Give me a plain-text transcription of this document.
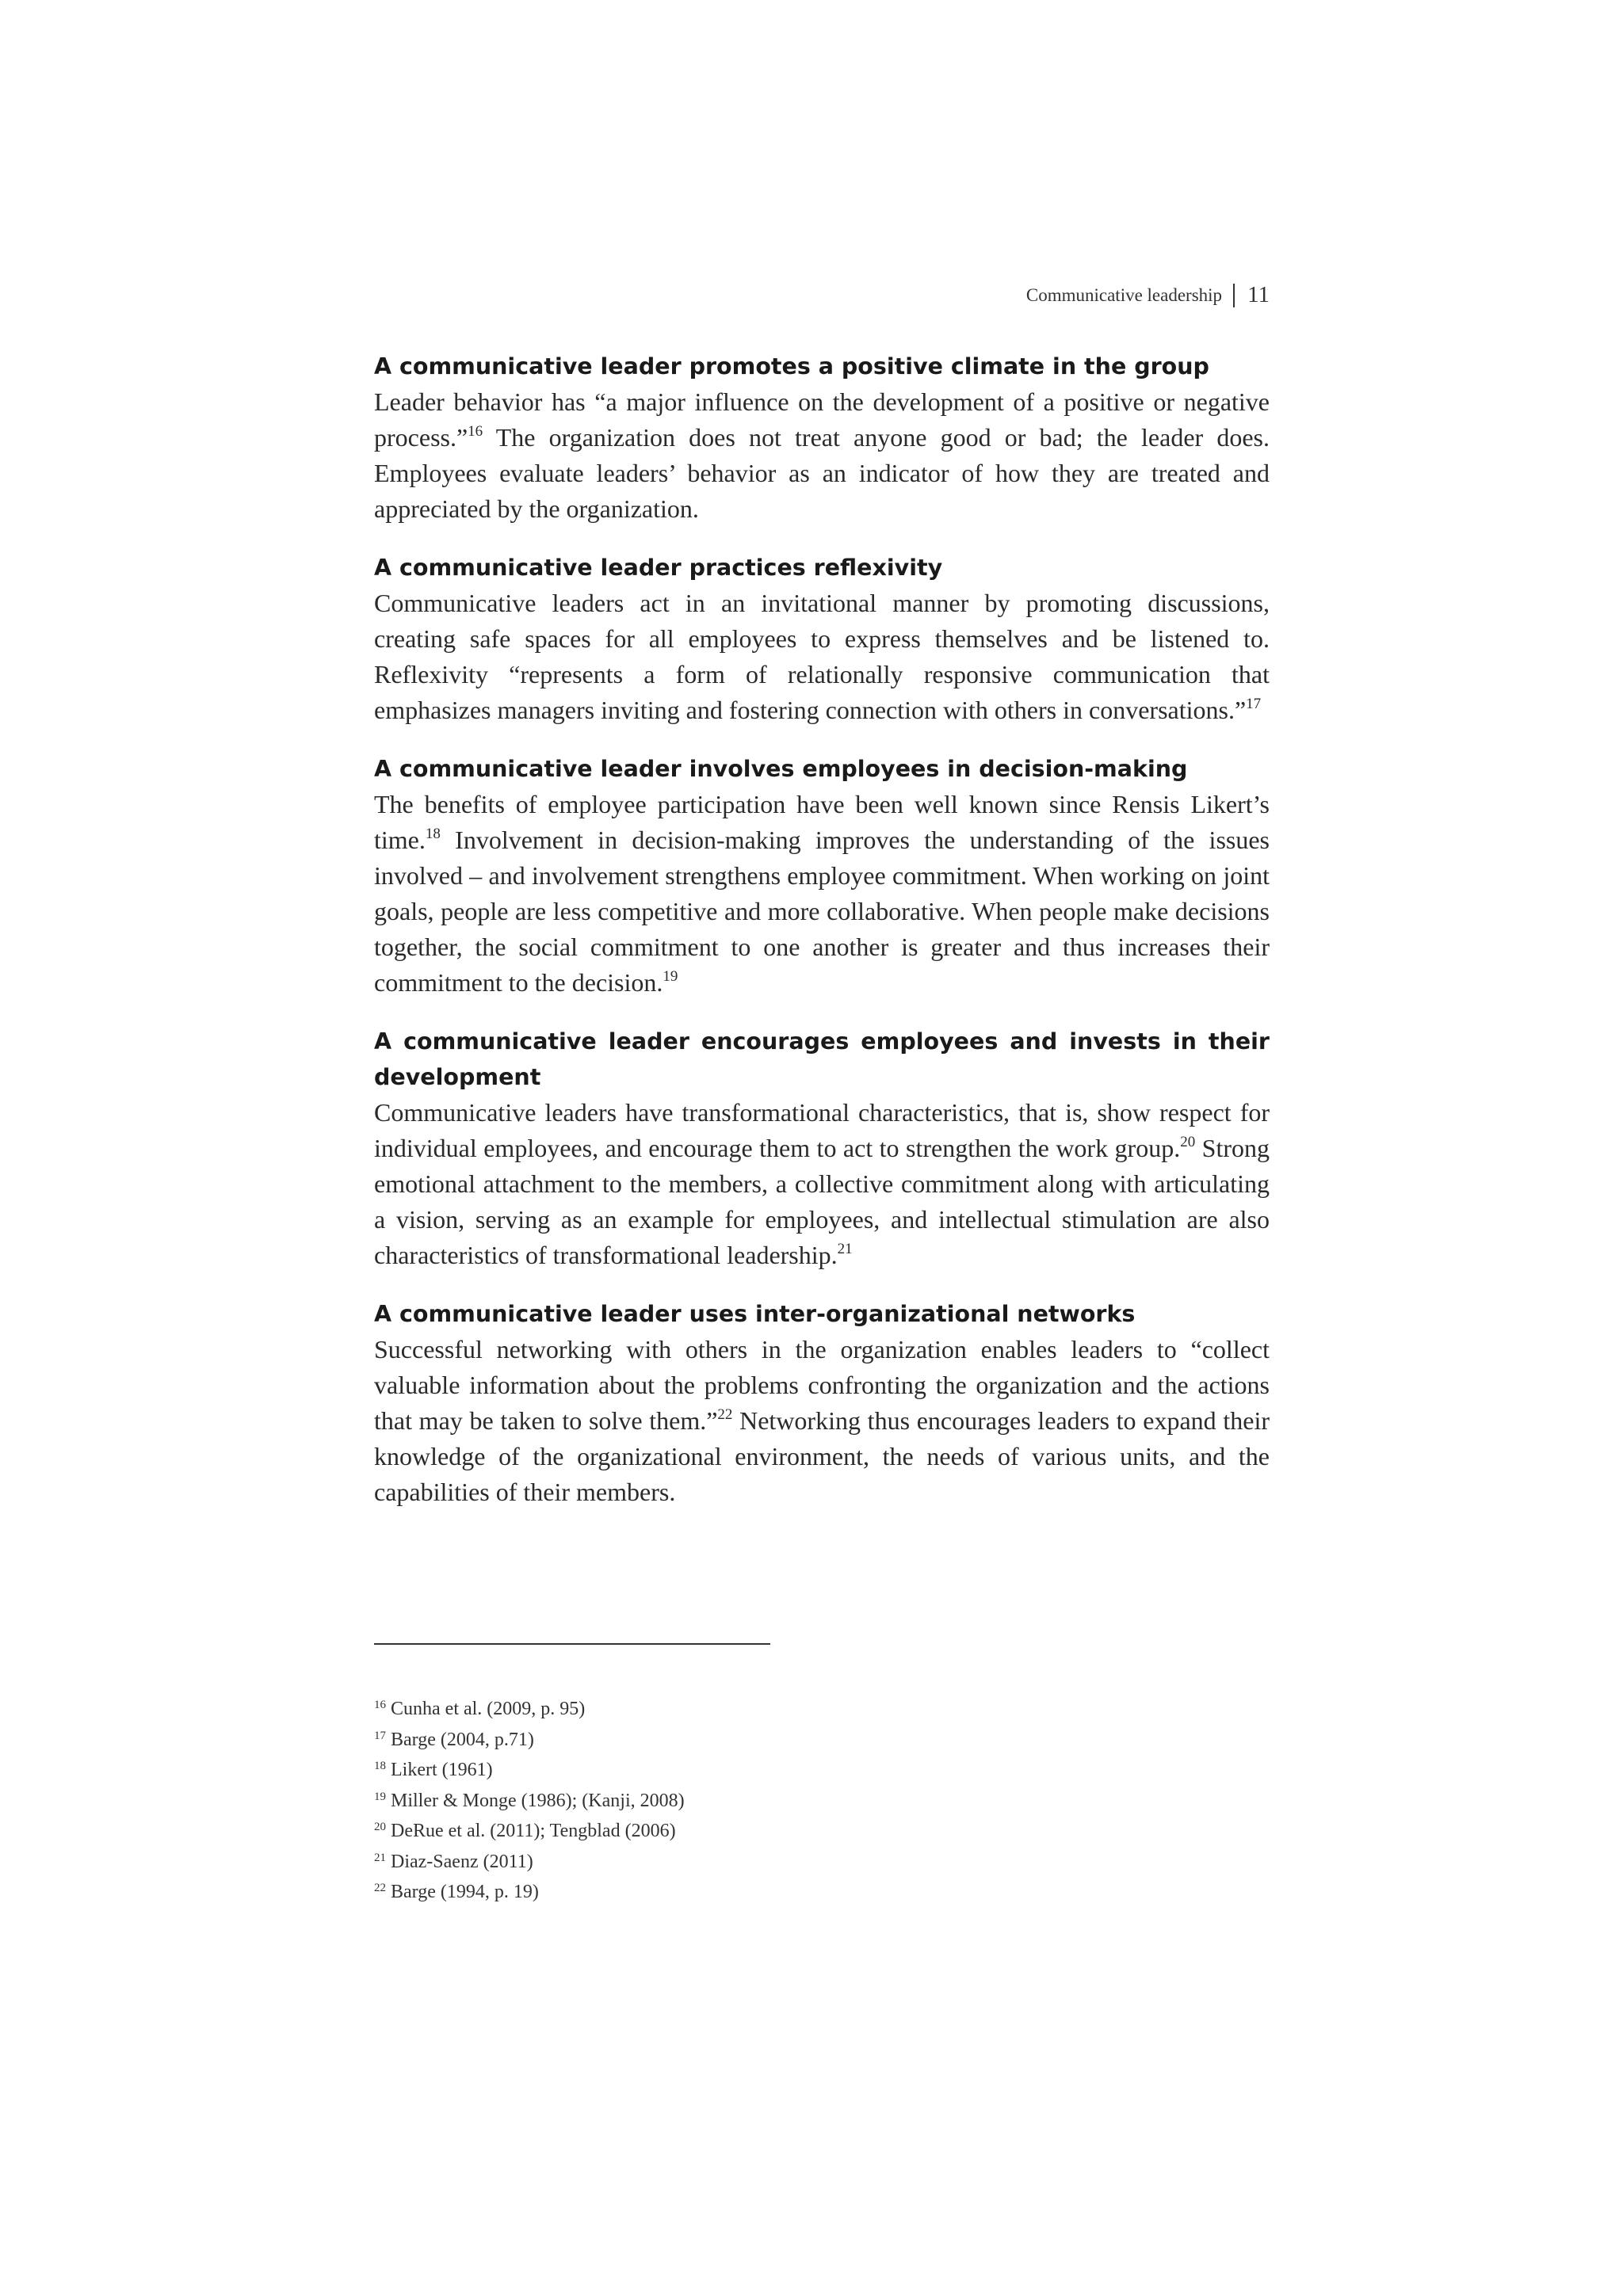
Communicative leadership 11
A communicative leader promotes a positive climate in the group

Leader behavior has “a major influence on the development of a positive or negative process.”$^{16}$ The organization does not treat anyone good or bad; the leader does. Employees evaluate leaders’ behavior as an indicator of how they are treated and appreciated by the organization.

A communicative leader practices reflexivity

Communicative leaders act in an invitational manner by promoting discussions, creating safe spaces for all employees to express themselves and be listened to. Reflexivity “represents a form of relationally responsive communication that emphasizes managers inviting and fostering connection with others in conversations.”$^{17}$

A communicative leader involves employees in decision-making

The benefits of employee participation have been well known since Rensis Likert’s time.$^{18}$ Involvement in decision-making improves the understanding of the issues involved – and involvement strengthens employee commitment. When working on joint goals, people are less competitive and more collaborative. When people make decisions together, the social commitment to one another is greater and thus increases their commitment to the decision.$^{19}$

A communicative leader encourages employees and invests in their development

Communicative leaders have transformational characteristics, that is, show respect for individual employees, and encourage them to act to strengthen the work group.$^{20}$ Strong emotional attachment to the members, a collective commitment along with articulating a vision, serving as an example for employees, and intellectual stimulation are also characteristics of transformational leadership.$^{21}$

A communicative leader uses inter-organizational networks

Successful networking with others in the organization enables leaders to “collect valuable information about the problems confronting the organization and the actions that may be taken to solve them.”$^{22}$ Networking thus encourages leaders to expand their knowledge of the organizational environment, the needs of various units, and the capabilities of their members.

$^{16}$ Cunha et al. (2009, p. 95)

$^{17}$ Barge (2004, p.71)

$^{18}$ Likert (1961)

$^{19}$ Miller & Monge (1986); (Kanji, 2008)

$^{20}$ DeRue et al. (2011); Tengblad (2006)

$^{21}$ Diaz-Saenz (2011)

$^{22}$ Barge (1994, p. 19)
